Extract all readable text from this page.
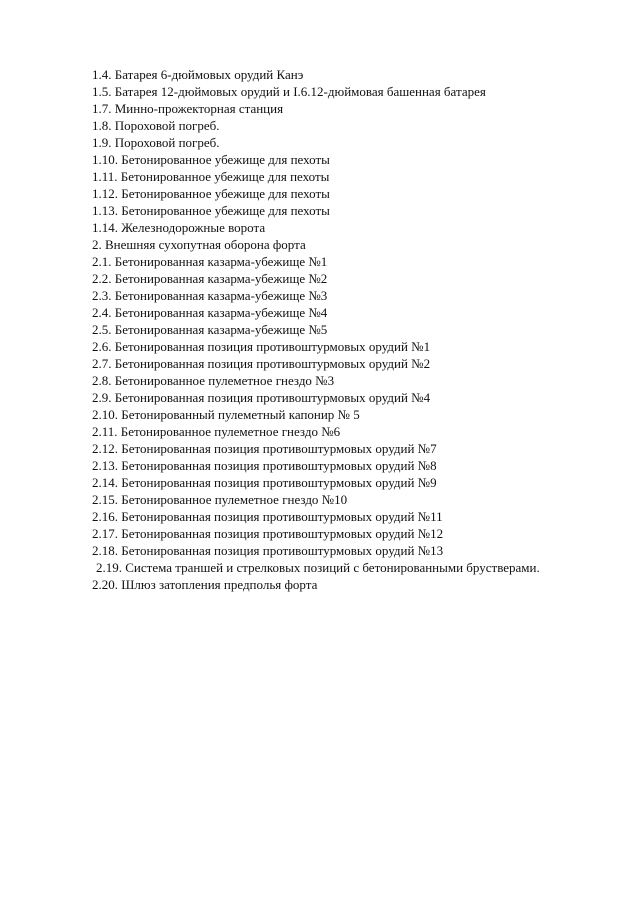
1.4. Батарея 6-дюймовых орудий Канэ
1.5. Батарея 12-дюймовых орудий и I.6.12-дюймовая башенная батарея
1.7. Минно-прожекторная станция
1.8. Пороховой погреб.
1.9. Пороховой погреб.
1.10. Бетонированное убежище для пехоты
1.11. Бетонированное убежище для пехоты
1.12. Бетонированное убежище для пехоты
1.13. Бетонированное убежище для пехоты
1.14. Железнодорожные ворота
2. Внешняя сухопутная оборона форта
2.1. Бетонированная казарма-убежище №1
2.2. Бетонированная казарма-убежище №2
2.3. Бетонированная казарма-убежище №3
2.4. Бетонированная казарма-убежище №4
2.5. Бетонированная казарма-убежище №5
2.6. Бетонированная позиция противоштурмовых орудий №1
2.7. Бетонированная позиция противоштурмовых орудий №2
2.8. Бетонированное пулеметное гнездо №3
2.9. Бетонированная позиция противоштурмовых орудий №4
2.10. Бетонированный пулеметный капонир № 5
2.11. Бетонированное пулеметное гнездо №6
2.12. Бетонированная позиция противоштурмовых орудий №7
2.13. Бетонированная позиция противоштурмовых орудий №8
2.14. Бетонированная позиция противоштурмовых орудий №9
2.15. Бетонированное пулеметное гнездо №10
2.16. Бетонированная позиция противоштурмовых орудий №11
2.17. Бетонированная позиция противоштурмовых орудий №12
2.18. Бетонированная позиция противоштурмовых орудий №13
2.19. Система траншей и стрелковых позиций с бетонированными брустверами.
2.20. Шлюз затопления предполья форта
